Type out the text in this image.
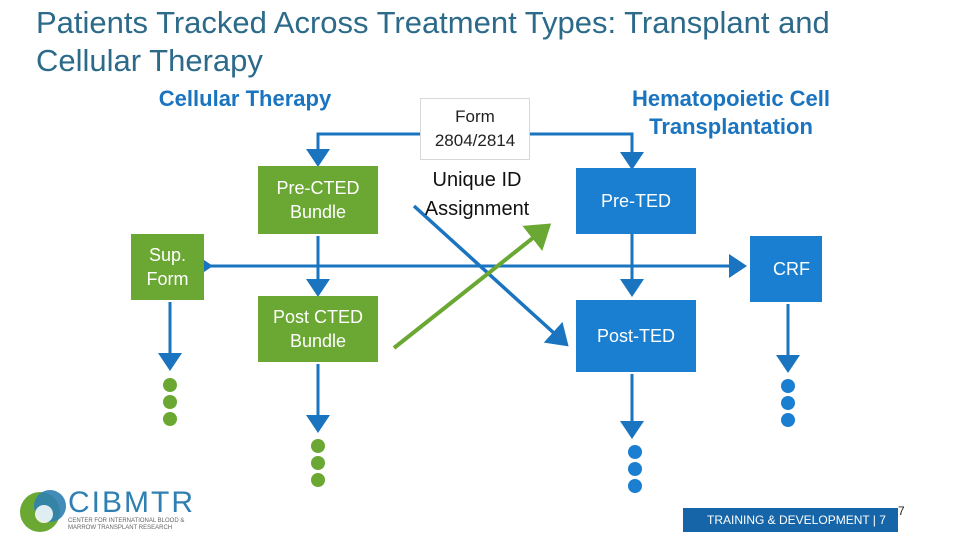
Patients Tracked Across Treatment Types: Transplant and Cellular Therapy
Cellular Therapy	Hematopoietic Cell Transplantation
Form 2804/2814
Unique ID Assignment
Pre-CTED Bundle
Post CTED Bundle
Sup. Form
Pre-TED
CRF
Post-TED
CIBMTR
CENTER FOR INTERNATIONAL BLOOD & MARROW TRANSPLANT RESEARCH
TRAINING & DEVELOPMENT | 7
7
